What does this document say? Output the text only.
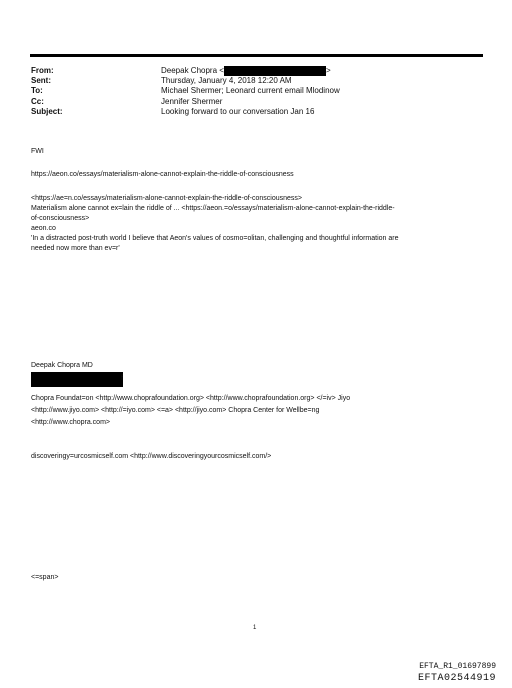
From:	Deepak Chopra <	>
Sent:	Thursday, January 4, 2018 12:20 AM
To:	Michael Shermer; Leonard current email Mlodinow
Cc:	Jennifer Shermer
Subject:	Looking forward to our conversation Jan 16
FWI
https://aeon.co/essays/materialism-alone-cannot-explain-the-riddle-of-consciousness
<https://ae=n.co/essays/materialism-alone-cannot-explain-the-riddle-of-consciousness>
Materialism alone cannot ex=lain the riddle of ... <https://aeon.=o/essays/materialism-alone-cannot-explain-the-riddle-
of-consciousness>
aeon.co
'In a distracted post-truth world I believe that Aeon's values of cosmo=olitan, challenging and thoughtful information are
needed now more than ev=r'
Deepak Chopra MD
f
Chopra Foundat=on <http://www.choprafoundation.org> <http://www.choprafoundation.org> </=iv> Jiyo
<http://www.jiyo.com> <http://=iyo.com> <=a> <http://jiyo.com> Chopra Center for Wellbe=ng
<http://www.chopra.com>
discoveringy=urcosmicself.com <http://www.discoveringyourcosmicself.com/>
<=span>
1
EFTA_R1_01697899
EFTA02544919
